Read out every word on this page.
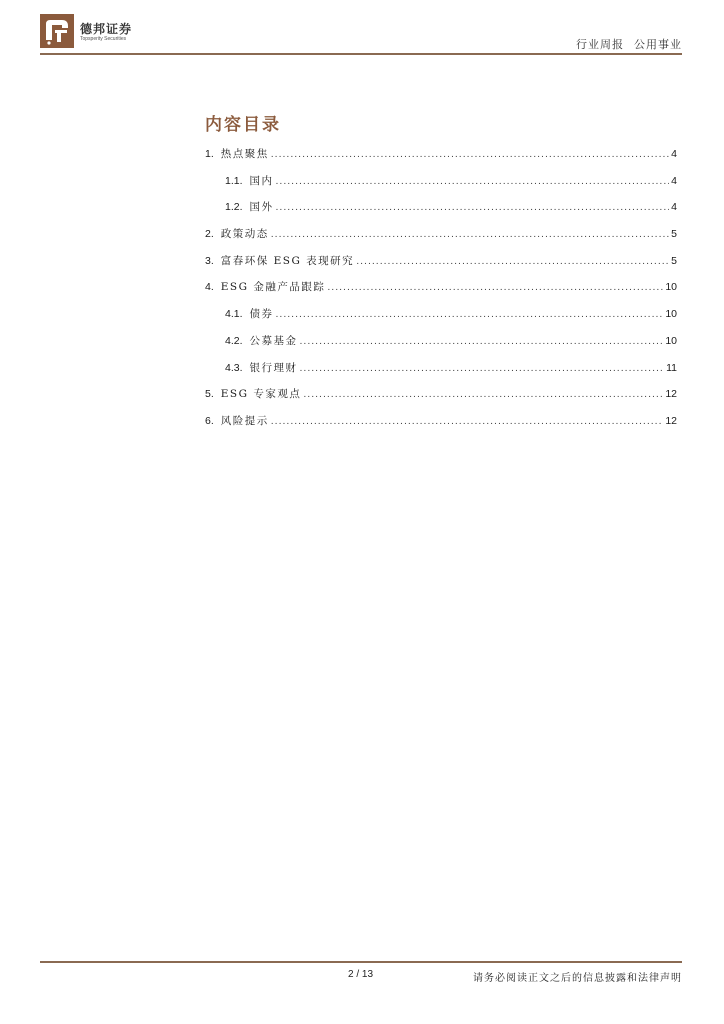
德邦证券
Topsperity Securities	行业周报 公用事业
内容目录
1. 热点聚焦 .....	4
1.1. 国内 .....	4
1.2. 国外 .....	4
2. 政策动态 .....	5
3. 富春环保 ESG 表现研究 .....	5
4. ESG 金融产品跟踪 .....	10
4.1. 债券 .....	10
4.2. 公募基金 .....	10
4.3. 银行理财 .....	11
5. ESG 专家观点 .....	12
6. 风险提示 .....	12
2 / 13	请务必阅读正文之后的信息披露和法律声明
